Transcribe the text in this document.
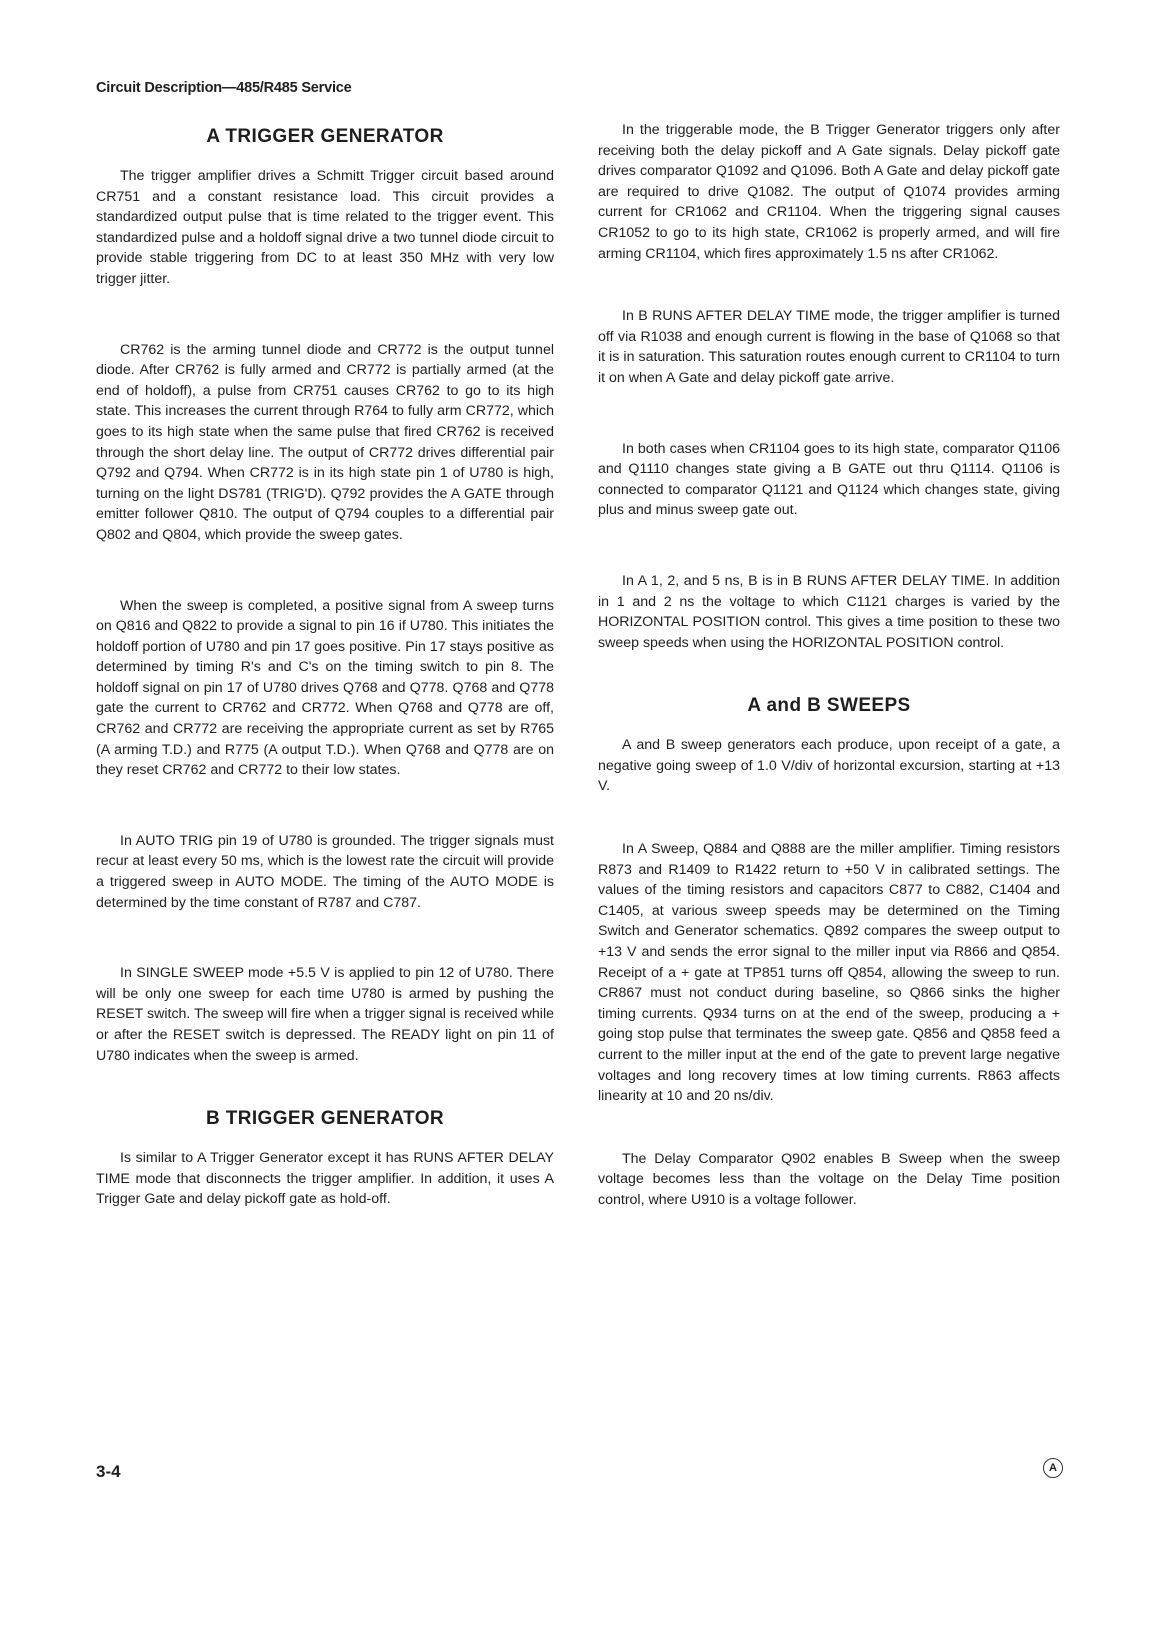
Circuit Description—485/R485 Service
A TRIGGER GENERATOR

The trigger amplifier drives a Schmitt Trigger circuit based around CR751 and a constant resistance load. This circuit provides a standardized output pulse that is time related to the trigger event. This standardized pulse and a holdoff signal drive a two tunnel diode circuit to provide stable triggering from DC to at least 350 MHz with very low trigger jitter.

CR762 is the arming tunnel diode and CR772 is the output tunnel diode. After CR762 is fully armed and CR772 is partially armed (at the end of holdoff), a pulse from CR751 causes CR762 to go to its high state. This increases the current through R764 to fully arm CR772, which goes to its high state when the same pulse that fired CR762 is received through the short delay line. The output of CR772 drives differential pair Q792 and Q794. When CR772 is in its high state pin 1 of U780 is high, turning on the light DS781 (TRIG'D). Q792 provides the A GATE through emitter follower Q810. The output of Q794 couples to a differential pair Q802 and Q804, which provide the sweep gates.

When the sweep is completed, a positive signal from A sweep turns on Q816 and Q822 to provide a signal to pin 16 if U780. This initiates the holdoff portion of U780 and pin 17 goes positive. Pin 17 stays positive as determined by timing R's and C's on the timing switch to pin 8. The holdoff signal on pin 17 of U780 drives Q768 and Q778. Q768 and Q778 gate the current to CR762 and CR772. When Q768 and Q778 are off, CR762 and CR772 are receiving the appropriate current as set by R765 (A arming T.D.) and R775 (A output T.D.). When Q768 and Q778 are on they reset CR762 and CR772 to their low states.

In AUTO TRIG pin 19 of U780 is grounded. The trigger signals must recur at least every 50 ms, which is the lowest rate the circuit will provide a triggered sweep in AUTO MODE. The timing of the AUTO MODE is determined by the time constant of R787 and C787.

In SINGLE SWEEP mode +5.5 V is applied to pin 12 of U780. There will be only one sweep for each time U780 is armed by pushing the RESET switch. The sweep will fire when a trigger signal is received while or after the RESET switch is depressed. The READY light on pin 11 of U780 indicates when the sweep is armed.

B TRIGGER GENERATOR

Is similar to A Trigger Generator except it has RUNS AFTER DELAY TIME mode that disconnects the trigger amplifier. In addition, it uses A Trigger Gate and delay pickoff gate as hold-off.

In the triggerable mode, the B Trigger Generator triggers only after receiving both the delay pickoff and A Gate signals. Delay pickoff gate drives comparator Q1092 and Q1096. Both A Gate and delay pickoff gate are required to drive Q1082. The output of Q1074 provides arming current for CR1062 and CR1104. When the triggering signal causes CR1052 to go to its high state, CR1062 is properly armed, and will fire arming CR1104, which fires approximately 1.5 ns after CR1062.

In B RUNS AFTER DELAY TIME mode, the trigger amplifier is turned off via R1038 and enough current is flowing in the base of Q1068 so that it is in saturation. This saturation routes enough current to CR1104 to turn it on when A Gate and delay pickoff gate arrive.

In both cases when CR1104 goes to its high state, comparator Q1106 and Q1110 changes state giving a B GATE out thru Q1114. Q1106 is connected to comparator Q1121 and Q1124 which changes state, giving plus and minus sweep gate out.

In A 1, 2, and 5 ns, B is in B RUNS AFTER DELAY TIME. In addition in 1 and 2 ns the voltage to which C1121 charges is varied by the HORIZONTAL POSITION control. This gives a time position to these two sweep speeds when using the HORIZONTAL POSITION control.

A and B SWEEPS

A and B sweep generators each produce, upon receipt of a gate, a negative going sweep of 1.0 V/div of horizontal excursion, starting at +13 V.

In A Sweep, Q884 and Q888 are the miller amplifier. Timing resistors R873 and R1409 to R1422 return to +50 V in calibrated settings. The values of the timing resistors and capacitors C877 to C882, C1404 and C1405, at various sweep speeds may be determined on the Timing Switch and Generator schematics. Q892 compares the sweep output to +13 V and sends the error signal to the miller input via R866 and Q854. Receipt of a + gate at TP851 turns off Q854, allowing the sweep to run. CR867 must not conduct during baseline, so Q866 sinks the higher timing currents. Q934 turns on at the end of the sweep, producing a + going stop pulse that terminates the sweep gate. Q856 and Q858 feed a current to the miller input at the end of the gate to prevent large negative voltages and long recovery times at low timing currents. R863 affects linearity at 10 and 20 ns/div.

The Delay Comparator Q902 enables B Sweep when the sweep voltage becomes less than the voltage on the Delay Time position control, where U910 is a voltage follower.

3-4	A
